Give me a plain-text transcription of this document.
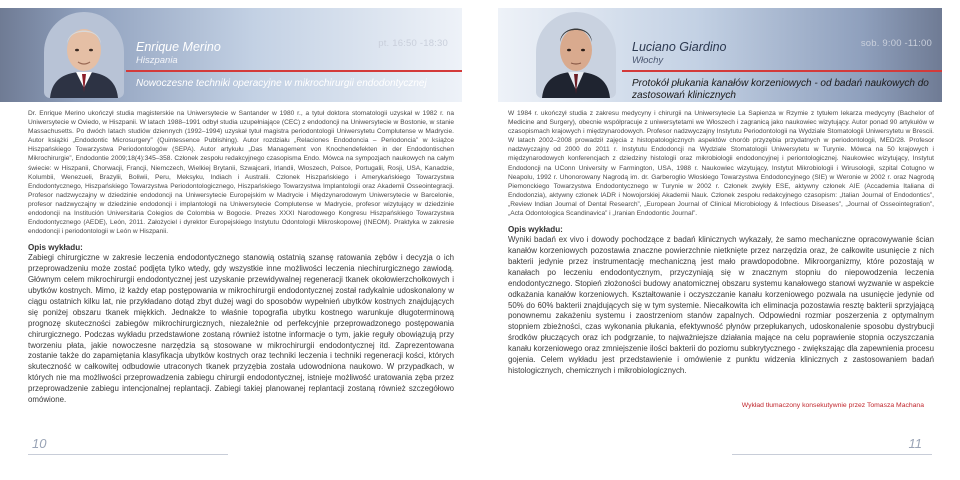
Enrique Merino
Hiszpania
pt. 16:50 -18:30
Nowoczesne techniki operacyjne w mikrochirurgii endodontycznej

Dr. Enrique Merino ukończył studia magisterskie na Uniwersytecie w Santander w 1980 r., a tytuł doktora stomatologii uzyskał w 1982 r. na Uniwersytecie w Oviedo, w Hiszpanii. W latach 1988–1991 odbył studia uzupełniające (CEC) z endodoncji na Uniwersytecie w Bostonie, w stanie Massachusetts. Po dwóch latach studiów dziennych (1992–1994) uzyskał tytuł magistra periodontologii Uniwersytetu Complutense w Madrycie. Autor książki „Endodontic Microsurgery” (Quintessence Publishing). Autor rozdziału „Relaciones Endodoncia – Periodoncia” w książce Hiszpańskiego Towarzystwa Periodontologów (SEPA). Autor artykułu „Das Management von Knochendefekten in der Endodontischen Mikrochirurgie”, Endodontie 2009;18(4):345–358. Członek zespołu redakcyjnego czasopisma Endo. Mówca na sympozjach naukowych na całym świecie: w Hiszpanii, Chorwacji, Francji, Niemczech, Wielkiej Brytanii, Szwajcarii, Irlandii, Włoszech, Polsce, Portugalii, Rosji, USA, Kanadzie, Kolumbii, Wenezueli, Brazylii, Boliwii, Peru, Meksyku, Indiach i Australii. Członek Hiszpańskiego i Amerykańskiego Towarzystwa Endodontycznego, Hiszpańskiego Towarzystwa Periodontologicznego, Hiszpańskiego Towarzystwa Implantologii oraz Akademii Osseointegracji. Profesor nadzwyczajny w dziedzinie endodoncji na Uniwersytecie Europejskim w Madrycie i Międzynarodowym Uniwersytecie w Barcelonie, profesor nadzwyczajny w dziedzinie endodoncji i implantologii na Uniwersytecie Complutense w Madrycie, profesor wizytujący w dziedzinie endodoncji na Institución Universitaria Colegios de Colombia w Bogocie. Prezes XXXI Narodowego Kongresu Hiszpańskiego Towarzystwa Endodontycznego (AEDE), León, 2011. Założyciel i dyrektor Europejskiego Instytutu Odontologii Mikroskopowej (INEOM). Praktyka w zakresie endodoncji i periodontologii w León w Hiszpanii.

Opis wykładu:

Zabiegi chirurgiczne w zakresie leczenia endodontycznego stanowią ostatnią szansę ratowania zębów i decyzja o ich przeprowadzeniu może zostać podjęta tylko wtedy, gdy wszystkie inne możliwości leczenia niechirurgicznego zawiodą. Głównym celem mikrochirurgii endodontycznej jest uzyskanie przewidywalnej regeneracji tkanek okołowierzchołkowych i ubytków kostnych. Mimo, iż każdy etap postępowania w mikrochirurgii endodontycznej został radykalnie udoskonalony w ciągu ostatnich kilku lat, nie przykładano dotąd zbyt dużej wagi do sposobów wypełnień ubytków kostnych znajdujących się poniżej obszaru tkanek miękkich. Jednakże to właśnie topografia ubytku kostnego warunkuje długoterminową prognozę skuteczności zabiegów mikrochirurgicznych, niezależnie od perfekcyjnie przeprowadzonego postępowania chirurgicznego. Podczas wykładu przedstawione zostaną również istotne informacje o tym, jakie reguły obowiązują przy tworzeniu płata, jakie nowoczesne narzędzia są stosowane w mikrochirurgii endodontycznej itd. Zaprezentowana zostanie także do zapamiętania klasyfikacja ubytków kostnych oraz techniki leczenia i techniki regeneracji kości, których skuteczność w całkowitej odbudowie utraconych tkanek przyzębia została udowodniona naukowo. W przypadkach, w których nie ma możliwości przeprowadzenia zabiegu chirurgii endodontycznej, istnieje możliwość uratowania zęba przez przeprowadzenie zabiegu intencjonalnej replantacji. Zabiegi takiej planowanej replantacji zostaną również szczegółowo omówione.

10
Luciano Giardino
Włochy
sob. 9:00 -11:00
Protokół płukania kanałów korzeniowych - od badań naukowych do zastosowań klinicznych

W 1984 r. ukończył studia z zakresu medycyny i chirurgii na Uniwersytecie La Sapienza w Rzymie z tytułem lekarza medycyny (Bachelor of Medicine and Surgery), obecnie współpracuje z uniwersytetami we Włoszech i zagranicą jako naukowiec wizytujący. Autor ponad 90 artykułów w czasopismach krajowych i międzynarodowych. Profesor nadzwyczajny Instytutu Periodontologii na Wydziale Stomatologii Uniwersytetu w Brescii. W latach 2002–2008 prowadził zajęcia z histopatologicznych aspektów chorób przyzębia przydatnych w periodontologii, MED/28. Profesor nadzwyczajny od 2000 do 2011 r. Instytutu Endodoncji na Wydziale Stomatologii Uniwersytetu w Turynie. Mówca na 50 krajowych i międzynarodowych konferencjach z dziedziny histologii oraz mikrobiologii endodoncyjnej i periontologicznej. Naukowiec wizytujący, Instytut Endodoncji na UConn University w Farmington, USA, 1988 r. Naukowiec wizytujący, Instytut Mikrobiologii i Wirusologii, szpital Cotugno w Neapolu, 1992 r. Uhonorowany Nagrodą im. dr. Garberoglio Włoskiego Towarzystwa Endodoncyjnego (SIE) w Weronie w 2002 r. oraz Nagrodą Piemonckiego Towarzystwa Endodontycznego w Turynie w 2002 r. Członek zwykły ESE, aktywny członek AIE (Accademia Italiana di Endodonzia), aktywny członek IADR i Nowojorskiej Akademii Nauk. Członek zespołu redakcyjnego czasopism: „Italian Journal of Endodontics”, „Review Indian Journal of Dental Research”, „European Journal of Clinical Microbiology & Infectious Diseases”, „Journal of Osseointegration”, „Acta Odontologica Scandinavica” i „Iranian Endodontic Journal”.

Opis wykładu:

Wyniki badań ex vivo i dowody pochodzące z badań klinicznych wykazały, że samo mechaniczne opracowywanie ścian kanałów korzeniowych pozostawia znaczne powierzchnie nietknięte przez narzędzia oraz, że całkowite usunięcie z nich bakterii jedynie przez instrumentację mechaniczną jest mało prawdopodobne. Mikroorganizmy, które pozostają w kanałach po leczeniu endodontycznym, przyczyniają się w znacznym stopniu do niepowodzenia leczenia endodontycznego. Stopień złożoności budowy anatomicznej obszaru systemu kanałowego stanowi wyzwanie w aspekcie odkażania kanałów korzeniowych. Kształtowanie i oczyszczanie kanału korzeniowego pozwala na usunięcie jedynie od 50% do 60% bakterii znajdujących się w tym systemie. Niecałkowita ich eliminacja pozostawia resztę bakterii sprzyjającą ponownemu zakażeniu systemu i zaostrzeniom stanów zapalnych. Odpowiedni rozmiar poszerzenia z optymalnym stopniem zbieżności, czas wykonania płukania, efektywność płynów przepłukanych, udoskonalenie sposobu dystrybucji środków płuczących oraz ich podgrzanie, to najważniejsze działania mające na celu poprawienie stopnia oczyszczania kanału korzeniowego oraz zmniejszenie ilości bakterii do poziomu subkrytycznego - zwiększając dla zapewnienia procesu gojenia. Celem wykładu jest przedstawienie i omówienie z punktu widzenia klinicznych z zastosowaniem badań histologicznych, chemicznych i mikrobiologicznych.

Wykład tłumaczony konsekutywnie przez Tomasza Machana
11
